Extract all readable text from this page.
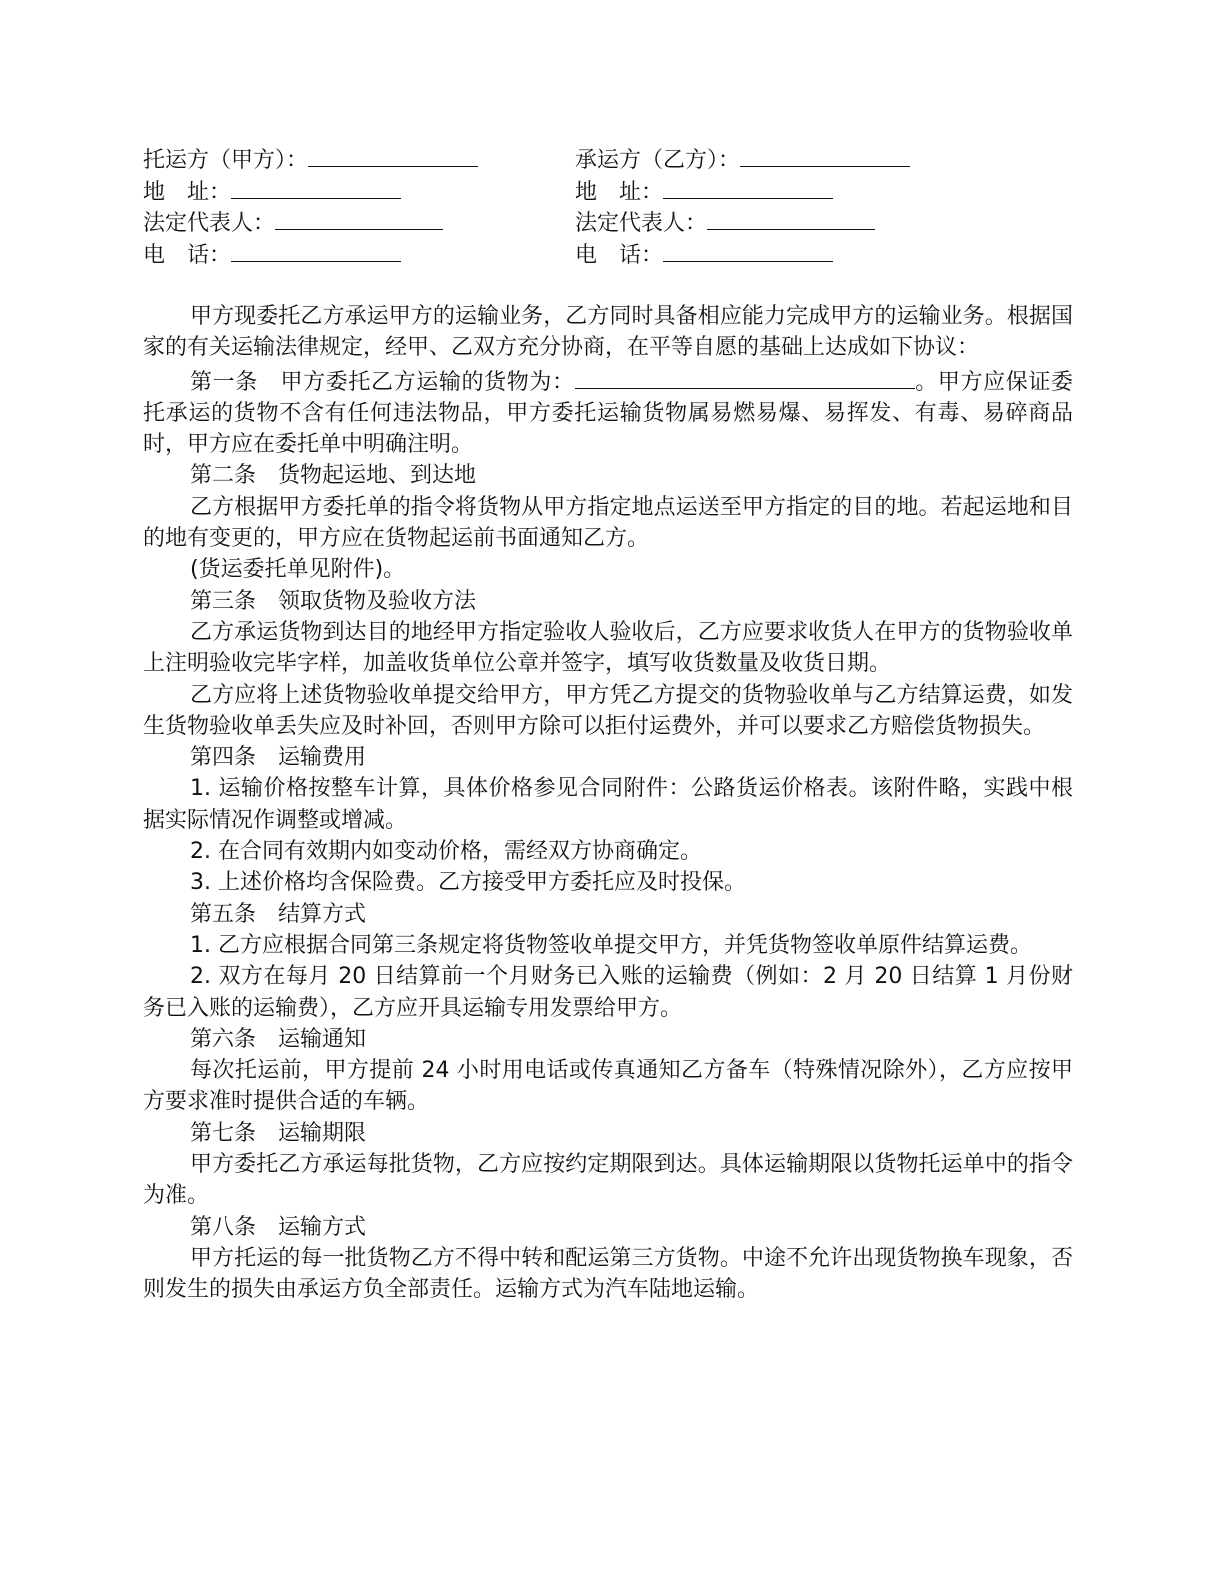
托运方（甲方）：	承运方（乙方）：
地　址：	地　址：
法定代表人：	法定代表人：
电　话：	电　话：

甲方现委托乙方承运甲方的运输业务，乙方同时具备相应能力完成甲方的运输业务。根据国家的有关运输法律规定，经甲、乙双方充分协商，在平等自愿的基础上达成如下协议：

第一条　甲方委托乙方运输的货物为：	。甲方应保证委托承运的货物不含有任何违法物品，甲方委托运输货物属易燃易爆、易挥发、有毒、易碎商品时，甲方应在委托单中明确注明。

第二条　货物起运地、到达地

乙方根据甲方委托单的指令将货物从甲方指定地点运送至甲方指定的目的地。若起运地和目的地有变更的，甲方应在货物起运前书面通知乙方。

(货运委托单见附件)。

第三条　领取货物及验收方法

乙方承运货物到达目的地经甲方指定验收人验收后，乙方应要求收货人在甲方的货物验收单上注明验收完毕字样，加盖收货单位公章并签字，填写收货数量及收货日期。

乙方应将上述货物验收单提交给甲方，甲方凭乙方提交的货物验收单与乙方结算运费，如发生货物验收单丢失应及时补回，否则甲方除可以拒付运费外，并可以要求乙方赔偿货物损失。

第四条　运输费用

1. 运输价格按整车计算，具体价格参见合同附件：公路货运价格表。该附件略，实践中根据实际情况作调整或增减。

2. 在合同有效期内如变动价格，需经双方协商确定。

3. 上述价格均含保险费。乙方接受甲方委托应及时投保。

第五条　结算方式

1. 乙方应根据合同第三条规定将货物签收单提交甲方，并凭货物签收单原件结算运费。

2. 双方在每月 20 日结算前一个月财务已入账的运输费（例如：2 月 20 日结算 1 月份财务已入账的运输费），乙方应开具运输专用发票给甲方。

第六条　运输通知

每次托运前，甲方提前 24 小时用电话或传真通知乙方备车（特殊情况除外），乙方应按甲方要求准时提供合适的车辆。

第七条　运输期限

甲方委托乙方承运每批货物，乙方应按约定期限到达。具体运输期限以货物托运单中的指令为准。

第八条　运输方式

甲方托运的每一批货物乙方不得中转和配运第三方货物。中途不允许出现货物换车现象，否则发生的损失由承运方负全部责任。运输方式为汽车陆地运输。
